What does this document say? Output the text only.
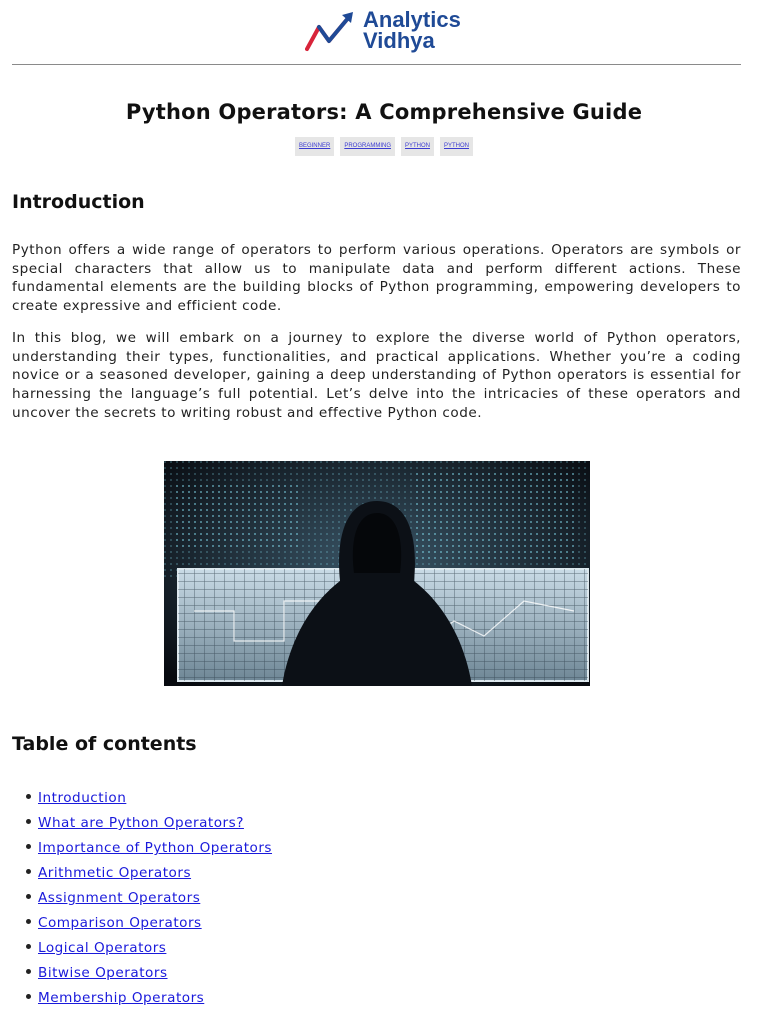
Analytics
Vidhya
Python Operators: A Comprehensive Guide
BEGINNER	PROGRAMMING	PYTHON	PYTHON
Introduction

Python offers a wide range of operators to perform various operations. Operators are symbols or special characters that allow us to manipulate data and perform different actions. These fundamental elements are the building blocks of Python programming, empowering developers to create expressive and efficient code.

In this blog, we will embark on a journey to explore the diverse world of Python operators, understanding their types, functionalities, and practical applications. Whether you’re a coding novice or a seasoned developer, gaining a deep understanding of Python operators is essential for harnessing the language’s full potential. Let’s delve into the intricacies of these operators and uncover the secrets to writing robust and effective Python code.

Table of contents
Introduction
What are Python Operators?
Importance of Python Operators
Arithmetic Operators
Assignment Operators
Comparison Operators
Logical Operators
Bitwise Operators
Membership Operators
